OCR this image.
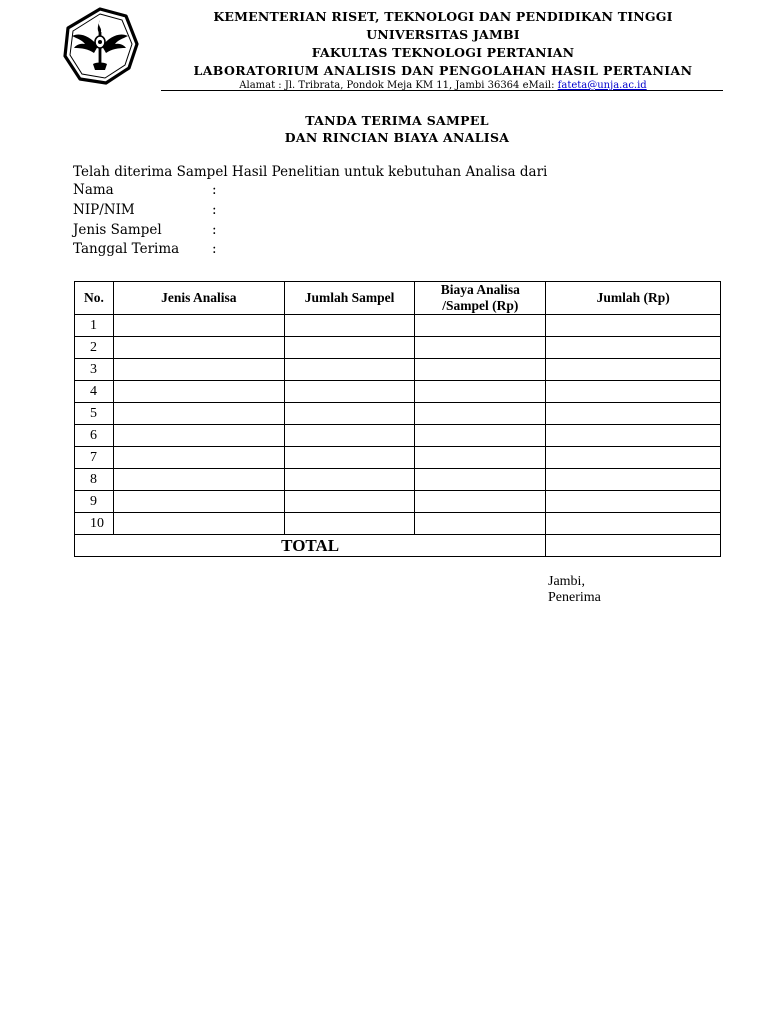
KEMENTERIAN RISET, TEKNOLOGI DAN PENDIDIKAN TINGGI
UNIVERSITAS JAMBI
FAKULTAS TEKNOLOGI PERTANIAN
LABORATORIUM ANALISIS DAN PENGOLAHAN HASIL PERTANIAN
Alamat : Jl. Tribrata, Pondok Meja KM 11, Jambi 36364 eMail: fateta@unja.ac.id
TANDA TERIMA SAMPEL
DAN RINCIAN BIAYA ANALISA
Telah diterima Sampel Hasil Penelitian untuk kebutuhan Analisa dari
Nama	:
NIP/NIM	:
Jenis Sampel	:
Tanggal Terima :
No.	Jenis Analisa	Jumlah Sampel	Biaya Analisa
/Sampel (Rp)	Jumlah (Rp)
1				
2				
3				
4				
5				
6				
7				
8				
9				
10				
TOTAL				
Jambi,
Penerima
